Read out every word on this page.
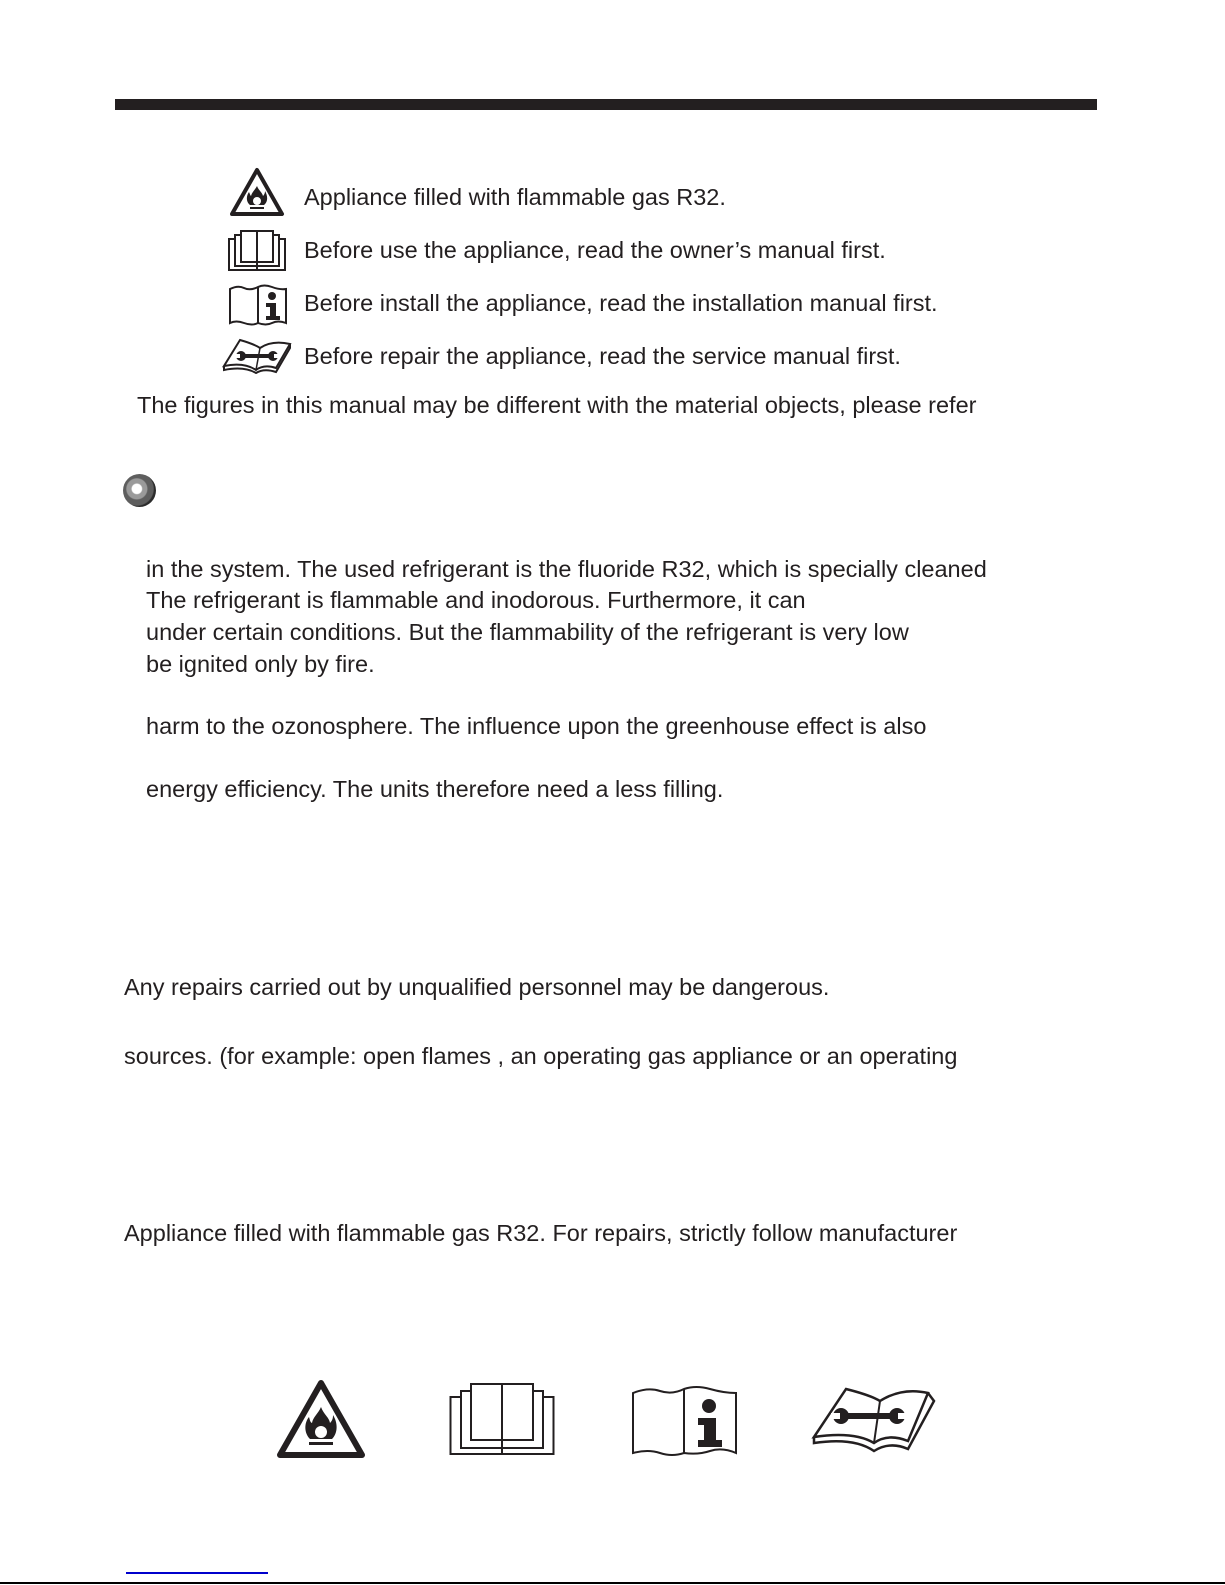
Appliance filled with flammable gas R32.
Before use the appliance, read the owner’s manual first.
Before install the appliance, read the installation manual first.
Before repair the appliance, read the service manual first.
The figures in this manual may be different with the material objects, please refer
in the system. The used refrigerant is the fluoride R32, which is specially cleaned
The refrigerant is flammable and inodorous. Furthermore, it can
under certain conditions. But the flammability of the refrigerant is very low
be ignited only by fire.
harm to the ozonosphere. The influence upon the greenhouse effect is also
energy efficiency. The units therefore need a less filling.
Any repairs carried out by unqualified personnel may be dangerous.
sources. (for example: open flames , an operating gas appliance or an operating
Appliance filled with flammable gas R32. For repairs, strictly follow manufacturer
